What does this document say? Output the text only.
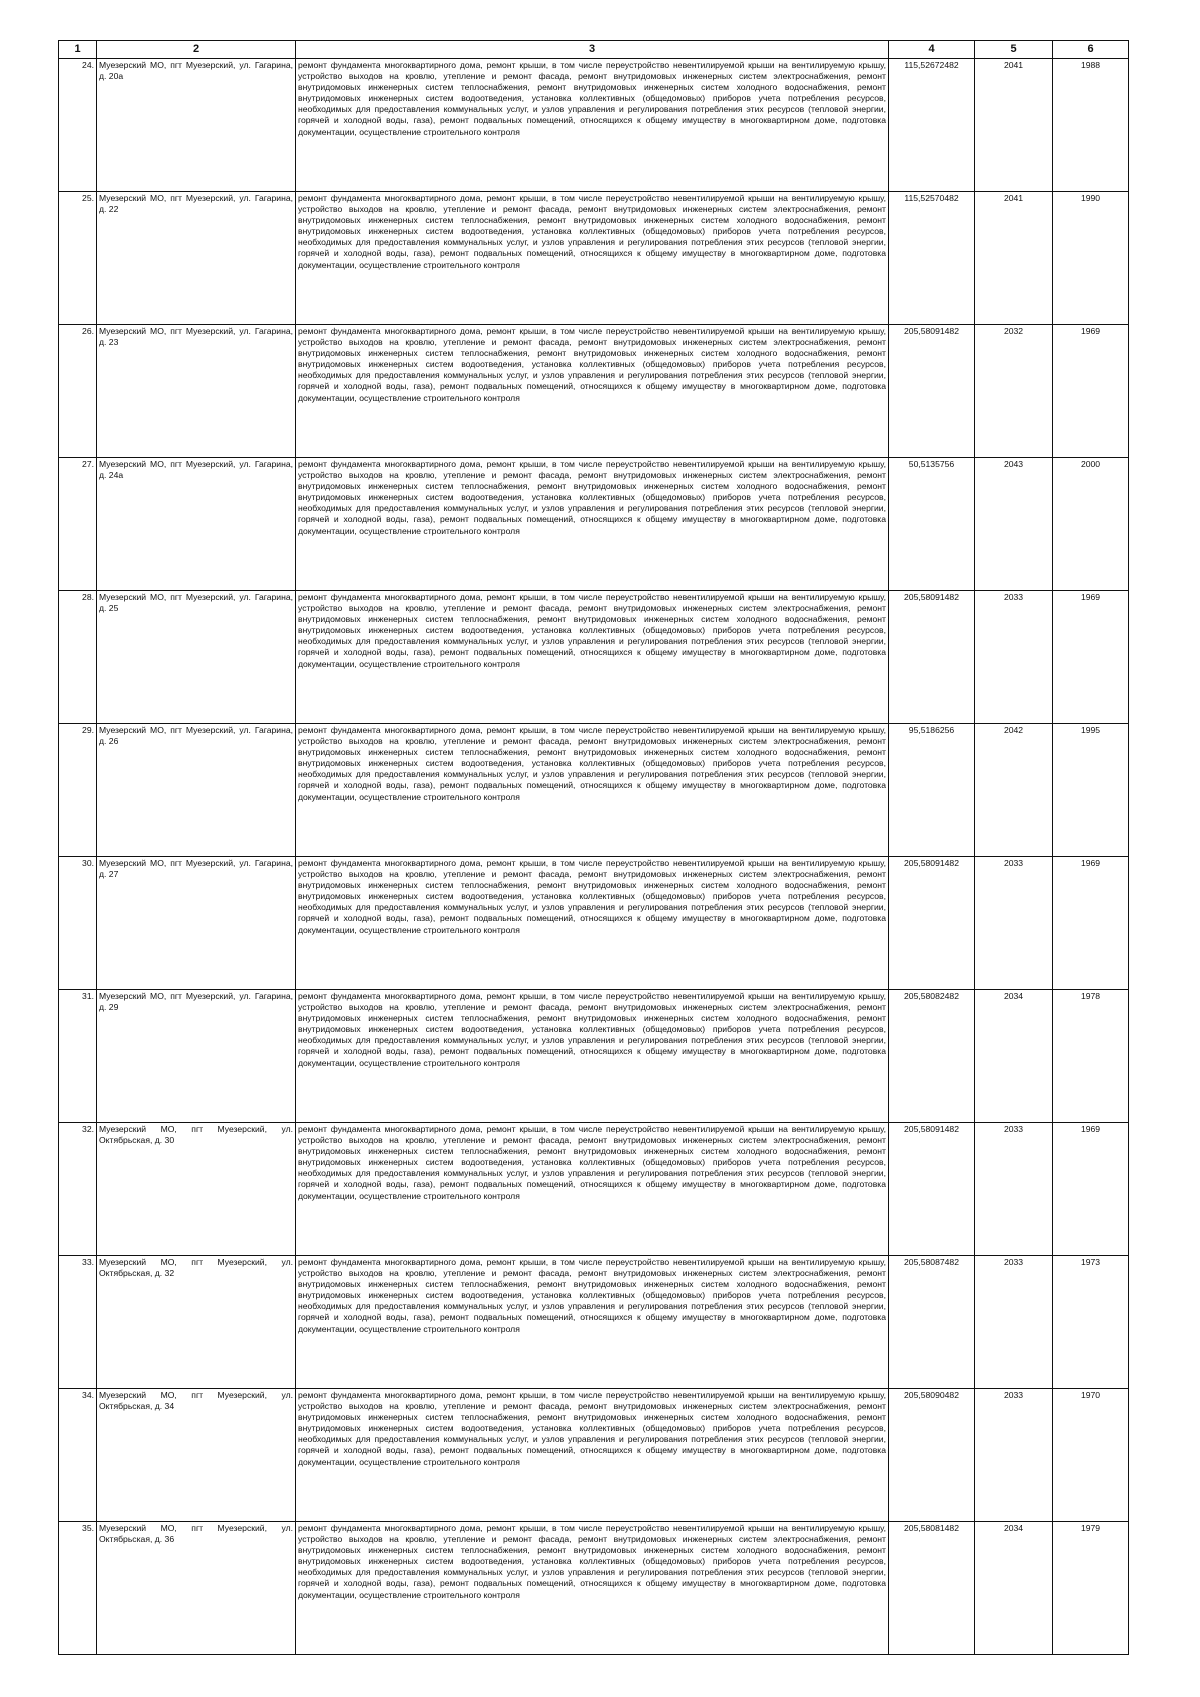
1	2	3	4	5	6
24.	Муезерский МО, пгт Муезерский, ул. Гагарина, д. 20а	ремонт фундамента многоквартирного дома, ремонт крыши, в том числе переустройство невентилируемой крыши на вентилируемую крышу, устройство выходов на кровлю, утепление и ремонт фасада, ремонт внутридомовых инженерных систем электроснабжения, ремонт внутридомовых инженерных систем теплоснабжения, ремонт внутридомовых инженерных систем холодного водоснабжения, ремонт внутридомовых инженерных систем водоотведения, установка коллективных (общедомовых) приборов учета потребления ресурсов, необходимых для предоставления коммунальных услуг, и узлов управления и регулирования потребления этих ресурсов (тепловой энергии, горячей и холодной воды, газа), ремонт подвальных помещений, относящихся к общему имуществу в многоквартирном доме, подготовка документации, осуществление строительного контроля	115,52672482	2041	1988
25.	Муезерский МО, пгт Муезерский, ул. Гагарина, д. 22	ремонт фундамента многоквартирного дома, ремонт крыши, в том числе переустройство невентилируемой крыши на вентилируемую крышу, устройство выходов на кровлю, утепление и ремонт фасада, ремонт внутридомовых инженерных систем электроснабжения, ремонт внутридомовых инженерных систем теплоснабжения, ремонт внутридомовых инженерных систем холодного водоснабжения, ремонт внутридомовых инженерных систем водоотведения, установка коллективных (общедомовых) приборов учета потребления ресурсов, необходимых для предоставления коммунальных услуг, и узлов управления и регулирования потребления этих ресурсов (тепловой энергии, горячей и холодной воды, газа), ремонт подвальных помещений, относящихся к общему имуществу в многоквартирном доме, подготовка документации, осуществление строительного контроля	115,52570482	2041	1990
26.	Муезерский МО, пгт Муезерский, ул. Гагарина, д. 23	ремонт фундамента многоквартирного дома, ремонт крыши, в том числе переустройство невентилируемой крыши на вентилируемую крышу, устройство выходов на кровлю, утепление и ремонт фасада, ремонт внутридомовых инженерных систем электроснабжения, ремонт внутридомовых инженерных систем теплоснабжения, ремонт внутридомовых инженерных систем холодного водоснабжения, ремонт внутридомовых инженерных систем водоотведения, установка коллективных (общедомовых) приборов учета потребления ресурсов, необходимых для предоставления коммунальных услуг, и узлов управления и регулирования потребления этих ресурсов (тепловой энергии, горячей и холодной воды, газа), ремонт подвальных помещений, относящихся к общему имуществу в многоквартирном доме, подготовка документации, осуществление строительного контроля	205,58091482	2032	1969
27.	Муезерский МО, пгт Муезерский, ул. Гагарина, д. 24а	ремонт фундамента многоквартирного дома, ремонт крыши, в том числе переустройство невентилируемой крыши на вентилируемую крышу, устройство выходов на кровлю, утепление и ремонт фасада, ремонт внутридомовых инженерных систем электроснабжения, ремонт внутридомовых инженерных систем теплоснабжения, ремонт внутридомовых инженерных систем холодного водоснабжения, ремонт внутридомовых инженерных систем водоотведения, установка коллективных (общедомовых) приборов учета потребления ресурсов, необходимых для предоставления коммунальных услуг, и узлов управления и регулирования потребления этих ресурсов (тепловой энергии, горячей и холодной воды, газа), ремонт подвальных помещений, относящихся к общему имуществу в многоквартирном доме, подготовка документации, осуществление строительного контроля	50,5135756	2043	2000
28.	Муезерский МО, пгт Муезерский, ул. Гагарина, д. 25	ремонт фундамента многоквартирного дома, ремонт крыши, в том числе переустройство невентилируемой крыши на вентилируемую крышу, устройство выходов на кровлю, утепление и ремонт фасада, ремонт внутридомовых инженерных систем электроснабжения, ремонт внутридомовых инженерных систем теплоснабжения, ремонт внутридомовых инженерных систем холодного водоснабжения, ремонт внутридомовых инженерных систем водоотведения, установка коллективных (общедомовых) приборов учета потребления ресурсов, необходимых для предоставления коммунальных услуг, и узлов управления и регулирования потребления этих ресурсов (тепловой энергии, горячей и холодной воды, газа), ремонт подвальных помещений, относящихся к общему имуществу в многоквартирном доме, подготовка документации, осуществление строительного контроля	205,58091482	2033	1969
29.	Муезерский МО, пгт Муезерский, ул. Гагарина, д. 26	ремонт фундамента многоквартирного дома, ремонт крыши, в том числе переустройство невентилируемой крыши на вентилируемую крышу, устройство выходов на кровлю, утепление и ремонт фасада, ремонт внутридомовых инженерных систем электроснабжения, ремонт внутридомовых инженерных систем теплоснабжения, ремонт внутридомовых инженерных систем холодного водоснабжения, ремонт внутридомовых инженерных систем водоотведения, установка коллективных (общедомовых) приборов учета потребления ресурсов, необходимых для предоставления коммунальных услуг, и узлов управления и регулирования потребления этих ресурсов (тепловой энергии, горячей и холодной воды, газа), ремонт подвальных помещений, относящихся к общему имуществу в многоквартирном доме, подготовка документации, осуществление строительного контроля	95,5186256	2042	1995
30.	Муезерский МО, пгт Муезерский, ул. Гагарина, д. 27	ремонт фундамента многоквартирного дома, ремонт крыши, в том числе переустройство невентилируемой крыши на вентилируемую крышу, устройство выходов на кровлю, утепление и ремонт фасада, ремонт внутридомовых инженерных систем электроснабжения, ремонт внутридомовых инженерных систем теплоснабжения, ремонт внутридомовых инженерных систем холодного водоснабжения, ремонт внутридомовых инженерных систем водоотведения, установка коллективных (общедомовых) приборов учета потребления ресурсов, необходимых для предоставления коммунальных услуг, и узлов управления и регулирования потребления этих ресурсов (тепловой энергии, горячей и холодной воды, газа), ремонт подвальных помещений, относящихся к общему имуществу в многоквартирном доме, подготовка документации, осуществление строительного контроля	205,58091482	2033	1969
31.	Муезерский МО, пгт Муезерский, ул. Гагарина, д. 29	ремонт фундамента многоквартирного дома, ремонт крыши, в том числе переустройство невентилируемой крыши на вентилируемую крышу, устройство выходов на кровлю, утепление и ремонт фасада, ремонт внутридомовых инженерных систем электроснабжения, ремонт внутридомовых инженерных систем теплоснабжения, ремонт внутридомовых инженерных систем холодного водоснабжения, ремонт внутридомовых инженерных систем водоотведения, установка коллективных (общедомовых) приборов учета потребления ресурсов, необходимых для предоставления коммунальных услуг, и узлов управления и регулирования потребления этих ресурсов (тепловой энергии, горячей и холодной воды, газа), ремонт подвальных помещений, относящихся к общему имуществу в многоквартирном доме, подготовка документации, осуществление строительного контроля	205,58082482	2034	1978
32.	Муезерский МО, пгт Муезерский, ул. Октябрьская, д. 30	ремонт фундамента многоквартирного дома, ремонт крыши, в том числе переустройство невентилируемой крыши на вентилируемую крышу, устройство выходов на кровлю, утепление и ремонт фасада, ремонт внутридомовых инженерных систем электроснабжения, ремонт внутридомовых инженерных систем теплоснабжения, ремонт внутридомовых инженерных систем холодного водоснабжения, ремонт внутридомовых инженерных систем водоотведения, установка коллективных (общедомовых) приборов учета потребления ресурсов, необходимых для предоставления коммунальных услуг, и узлов управления и регулирования потребления этих ресурсов (тепловой энергии, горячей и холодной воды, газа), ремонт подвальных помещений, относящихся к общему имуществу в многоквартирном доме, подготовка документации, осуществление строительного контроля	205,58091482	2033	1969
33.	Муезерский МО, пгт Муезерский, ул. Октябрьская, д. 32	ремонт фундамента многоквартирного дома, ремонт крыши, в том числе переустройство невентилируемой крыши на вентилируемую крышу, устройство выходов на кровлю, утепление и ремонт фасада, ремонт внутридомовых инженерных систем электроснабжения, ремонт внутридомовых инженерных систем теплоснабжения, ремонт внутридомовых инженерных систем холодного водоснабжения, ремонт внутридомовых инженерных систем водоотведения, установка коллективных (общедомовых) приборов учета потребления ресурсов, необходимых для предоставления коммунальных услуг, и узлов управления и регулирования потребления этих ресурсов (тепловой энергии, горячей и холодной воды, газа), ремонт подвальных помещений, относящихся к общему имуществу в многоквартирном доме, подготовка документации, осуществление строительного контроля	205,58087482	2033	1973
34.	Муезерский МО, пгт Муезерский, ул. Октябрьская, д. 34	ремонт фундамента многоквартирного дома, ремонт крыши, в том числе переустройство невентилируемой крыши на вентилируемую крышу, устройство выходов на кровлю, утепление и ремонт фасада, ремонт внутридомовых инженерных систем электроснабжения, ремонт внутридомовых инженерных систем теплоснабжения, ремонт внутридомовых инженерных систем холодного водоснабжения, ремонт внутридомовых инженерных систем водоотведения, установка коллективных (общедомовых) приборов учета потребления ресурсов, необходимых для предоставления коммунальных услуг, и узлов управления и регулирования потребления этих ресурсов (тепловой энергии, горячей и холодной воды, газа), ремонт подвальных помещений, относящихся к общему имуществу в многоквартирном доме, подготовка документации, осуществление строительного контроля	205,58090482	2033	1970
35.	Муезерский МО, пгт Муезерский, ул. Октябрьская, д. 36	ремонт фундамента многоквартирного дома, ремонт крыши, в том числе переустройство невентилируемой крыши на вентилируемую крышу, устройство выходов на кровлю, утепление и ремонт фасада, ремонт внутридомовых инженерных систем электроснабжения, ремонт внутридомовых инженерных систем теплоснабжения, ремонт внутридомовых инженерных систем холодного водоснабжения, ремонт внутридомовых инженерных систем водоотведения, установка коллективных (общедомовых) приборов учета потребления ресурсов, необходимых для предоставления коммунальных услуг, и узлов управления и регулирования потребления этих ресурсов (тепловой энергии, горячей и холодной воды, газа), ремонт подвальных помещений, относящихся к общему имуществу в многоквартирном доме, подготовка документации, осуществление строительного контроля	205,58081482	2034	1979
